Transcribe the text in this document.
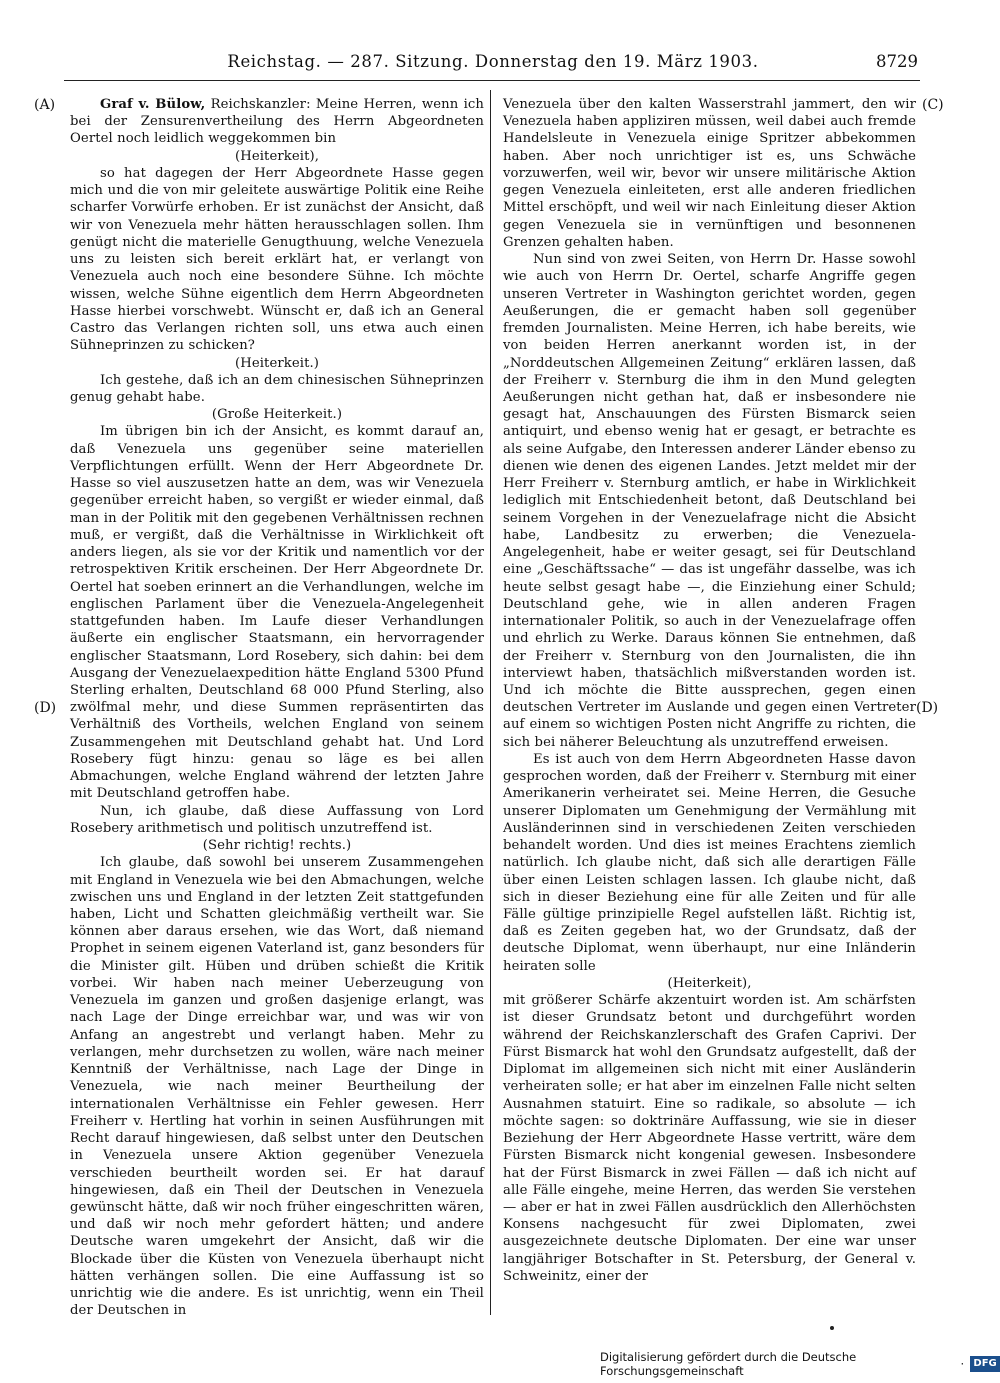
Reichstag. — 287. Sitzung. Donnerstag den 19. März 1903.	8729
(A)	(C)
(D)	(D)

Graf v. Bülow, Reichskanzler: Meine Herren, wenn ich bei der Zensurenvertheilung des Herrn Abgeordneten Oertel noch leidlich weggekommen bin

(Heiterkeit),

so hat dagegen der Herr Abgeordnete Hasse gegen mich und die von mir geleitete auswärtige Politik eine Reihe scharfer Vorwürfe erhoben. Er ist zunächst der Ansicht, daß wir von Venezuela mehr hätten herausschlagen sollen. Ihm genügt nicht die materielle Genugthuung, welche Venezuela uns zu leisten sich bereit erklärt hat, er verlangt von Venezuela auch noch eine besondere Sühne. Ich möchte wissen, welche Sühne eigentlich dem Herrn Abgeordneten Hasse hierbei vorschwebt. Wünscht er, daß ich an General Castro das Verlangen richten soll, uns etwa auch einen Sühneprinzen zu schicken?

(Heiterkeit.)

Ich gestehe, daß ich an dem chinesischen Sühneprinzen genug gehabt habe.

(Große Heiterkeit.)

Im übrigen bin ich der Ansicht, es kommt darauf an, daß Venezuela uns gegenüber seine materiellen Verpflichtungen erfüllt. Wenn der Herr Abgeordnete Dr. Hasse so viel auszusetzen hatte an dem, was wir Venezuela gegenüber erreicht haben, so vergißt er wieder einmal, daß man in der Politik mit den gegebenen Verhältnissen rechnen muß, er vergißt, daß die Verhältnisse in Wirklichkeit oft anders liegen, als sie vor der Kritik und namentlich vor der retrospektiven Kritik erscheinen. Der Herr Abgeordnete Dr. Oertel hat soeben erinnert an die Verhandlungen, welche im englischen Parlament über die Venezuela-Angelegenheit stattgefunden haben. Im Laufe dieser Verhandlungen äußerte ein englischer Staatsmann, ein hervorragender englischer Staatsmann, Lord Rosebery, sich dahin: bei dem Ausgang der Venezuelaexpedition hätte England 5300 Pfund Sterling erhalten, Deutschland 68 000 Pfund Sterling, also zwölfmal mehr, und diese Summen repräsentirten das Verhältniß des Vortheils, welchen England von seinem Zusammengehen mit Deutschland gehabt hat. Und Lord Rosebery fügt hinzu: genau so läge es bei allen Abmachungen, welche England während der letzten Jahre mit Deutschland getroffen habe.

Nun, ich glaube, daß diese Auffassung von Lord Rosebery arithmetisch und politisch unzutreffend ist.

(Sehr richtig! rechts.)

Ich glaube, daß sowohl bei unserem Zusammengehen mit England in Venezuela wie bei den Abmachungen, welche zwischen uns und England in der letzten Zeit stattgefunden haben, Licht und Schatten gleichmäßig vertheilt war. Sie können aber daraus ersehen, wie das Wort, daß niemand Prophet in seinem eigenen Vaterland ist, ganz besonders für die Minister gilt. Hüben und drüben schießt die Kritik vorbei. Wir haben nach meiner Ueberzeugung von Venezuela im ganzen und großen dasjenige erlangt, was nach Lage der Dinge erreichbar war, und was wir von Anfang an angestrebt und verlangt haben. Mehr zu verlangen, mehr durchsetzen zu wollen, wäre nach meiner Kenntniß der Verhältnisse, nach Lage der Dinge in Venezuela, wie nach meiner Beurtheilung der internationalen Verhältnisse ein Fehler gewesen. Herr Freiherr v. Hertling hat vorhin in seinen Ausführungen mit Recht darauf hingewiesen, daß selbst unter den Deutschen in Venezuela unsere Aktion gegenüber Venezuela verschieden beurtheilt worden sei. Er hat darauf hingewiesen, daß ein Theil der Deutschen in Venezuela gewünscht hätte, daß wir noch früher eingeschritten wären, und daß wir noch mehr gefordert hätten; und andere Deutsche waren umgekehrt der Ansicht, daß wir die Blockade über die Küsten von Venezuela überhaupt nicht hätten verhängen sollen. Die eine Auffassung ist so unrichtig wie die andere. Es ist unrichtig, wenn ein Theil der Deutschen in

Venezuela über den kalten Wasserstrahl jammert, den wir Venezuela haben appliziren müssen, weil dabei auch fremde Handelsleute in Venezuela einige Spritzer abbekommen haben. Aber noch unrichtiger ist es, uns Schwäche vorzuwerfen, weil wir, bevor wir unsere militärische Aktion gegen Venezuela einleiteten, erst alle anderen friedlichen Mittel erschöpft, und weil wir nach Einleitung dieser Aktion gegen Venezuela sie in vernünftigen und besonnenen Grenzen gehalten haben.

Nun sind von zwei Seiten, von Herrn Dr. Hasse sowohl wie auch von Herrn Dr. Oertel, scharfe Angriffe gegen unseren Vertreter in Washington gerichtet worden, gegen Aeußerungen, die er gemacht haben soll gegenüber fremden Journalisten. Meine Herren, ich habe bereits, wie von beiden Herren anerkannt worden ist, in der „Norddeutschen Allgemeinen Zeitung“ erklären lassen, daß der Freiherr v. Sternburg die ihm in den Mund gelegten Aeußerungen nicht gethan hat, daß er insbesondere nie gesagt hat, Anschauungen des Fürsten Bismarck seien antiquirt, und ebenso wenig hat er gesagt, er betrachte es als seine Aufgabe, den Interessen anderer Länder ebenso zu dienen wie denen des eigenen Landes. Jetzt meldet mir der Herr Freiherr v. Sternburg amtlich, er habe in Wirklichkeit lediglich mit Entschiedenheit betont, daß Deutschland bei seinem Vorgehen in der Venezuelafrage nicht die Absicht habe, Landbesitz zu erwerben; die Venezuela-Angelegenheit, habe er weiter gesagt, sei für Deutschland eine „Geschäftssache“ — das ist ungefähr dasselbe, was ich heute selbst gesagt habe —, die Einziehung einer Schuld; Deutschland gehe, wie in allen anderen Fragen internationaler Politik, so auch in der Venezuelafrage offen und ehrlich zu Werke. Daraus können Sie entnehmen, daß der Freiherr v. Sternburg von den Journalisten, die ihn interviewt haben, thatsächlich mißverstanden worden ist. Und ich möchte die Bitte aussprechen, gegen einen deutschen Vertreter im Auslande und gegen einen Vertreter auf einem so wichtigen Posten nicht Angriffe zu richten, die sich bei näherer Beleuchtung als unzutreffend erweisen.

Es ist auch von dem Herrn Abgeordneten Hasse davon gesprochen worden, daß der Freiherr v. Sternburg mit einer Amerikanerin verheiratet sei. Meine Herren, die Gesuche unserer Diplomaten um Genehmigung der Vermählung mit Ausländerinnen sind in verschiedenen Zeiten verschieden behandelt worden. Und dies ist meines Erachtens ziemlich natürlich. Ich glaube nicht, daß sich alle derartigen Fälle über einen Leisten schlagen lassen. Ich glaube nicht, daß sich in dieser Beziehung eine für alle Zeiten und für alle Fälle gültige prinzipielle Regel aufstellen läßt. Richtig ist, daß es Zeiten gegeben hat, wo der Grundsatz, daß der deutsche Diplomat, wenn überhaupt, nur eine Inländerin heiraten solle

(Heiterkeit),

mit größerer Schärfe akzentuirt worden ist. Am schärfsten ist dieser Grundsatz betont und durchgeführt worden während der Reichskanzlerschaft des Grafen Caprivi. Der Fürst Bismarck hat wohl den Grundsatz aufgestellt, daß der Diplomat im allgemeinen sich nicht mit einer Ausländerin verheiraten solle; er hat aber im einzelnen Falle nicht selten Ausnahmen statuirt. Eine so radikale, so absolute — ich möchte sagen: so doktrinäre Auffassung, wie sie in dieser Beziehung der Herr Abgeordnete Hasse vertritt, wäre dem Fürsten Bismarck nicht kongenial gewesen. Insbesondere hat der Fürst Bismarck in zwei Fällen — daß ich nicht auf alle Fälle eingehe, meine Herren, das werden Sie verstehen — aber er hat in zwei Fällen ausdrücklich den Allerhöchsten Konsens nachgesucht für zwei Diplomaten, zwei ausgezeichnete deutsche Diplomaten. Der eine war unser langjähriger Botschafter in St. Petersburg, der General v. Schweinitz, einer der

Digitalisierung gefördert durch die Deutsche Forschungsgemeinschaft	· DFG
